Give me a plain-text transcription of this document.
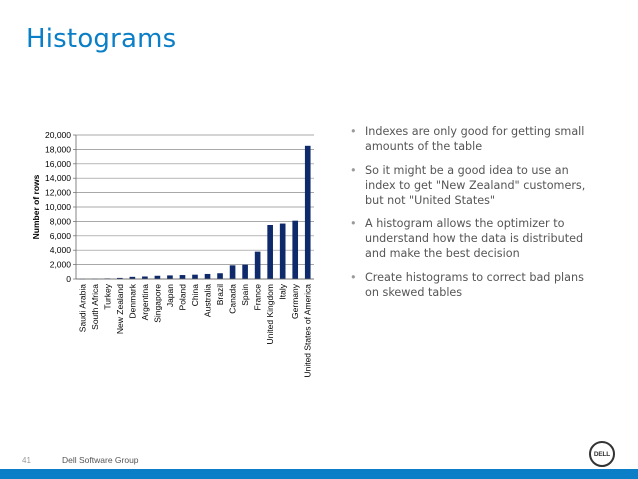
Histograms
0
2,000
4,000
6,000
8,000
10,000
12,000
14,000
16,000
18,000
20,000
Saudi Arabia South Africa Turkey New Zealand Denmark Argentina Singapore Japan Poland China Australia Brazil Canada Spain France United Kingdom Italy Germany United States of America
Number of rows
• Indexes are only good for getting small amounts of the table
• So it might be a good idea to use an index to get "New Zealand" customers, but not "United States"
• A histogram allows the optimizer to understand how the data is distributed and make the best decision
• Create histograms to correct bad plans on skewed tables
41	Dell Software Group
DELL
